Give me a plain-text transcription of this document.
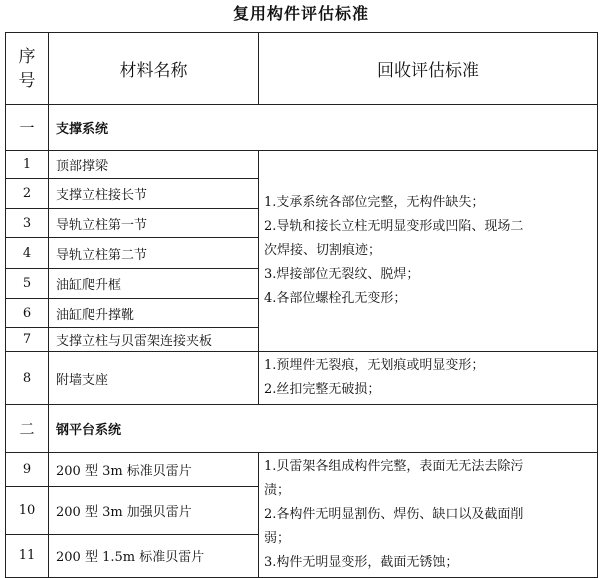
复用构件评估标准
序
号	材料名称	回收评估标准
一	支撑系统	
1	顶部撑梁	1.支承系统各部位完整，无构件缺失；
2.导轨和接长立柱无明显变形或凹陷、现场二
次焊接、切割痕迹；
3.焊接部位无裂纹、脱焊；
4.各部位螺栓孔无变形；

2	支撑立柱接长节	
3	导轨立柱第一节	
4	导轨立柱第二节	
5	油缸爬升框	
6	油缸爬升撑靴	
7	支撑立柱与贝雷架连接夹板	
8	附墙支座	1.预埋件无裂痕，无划痕或明显变形；
2.丝扣完整无破损；

二	钢平台系统	
9	200 型 3m 标准贝雷片	1.贝雷架各组成构件完整，表面无无法去除污
渍；
2.各构件无明显割伤、焊伤、缺口以及截面削
弱；
3.构件无明显变形，截面无锈蚀；

10	200 型 3m 加强贝雷片	
11	200 型 1.5m 标准贝雷片	
